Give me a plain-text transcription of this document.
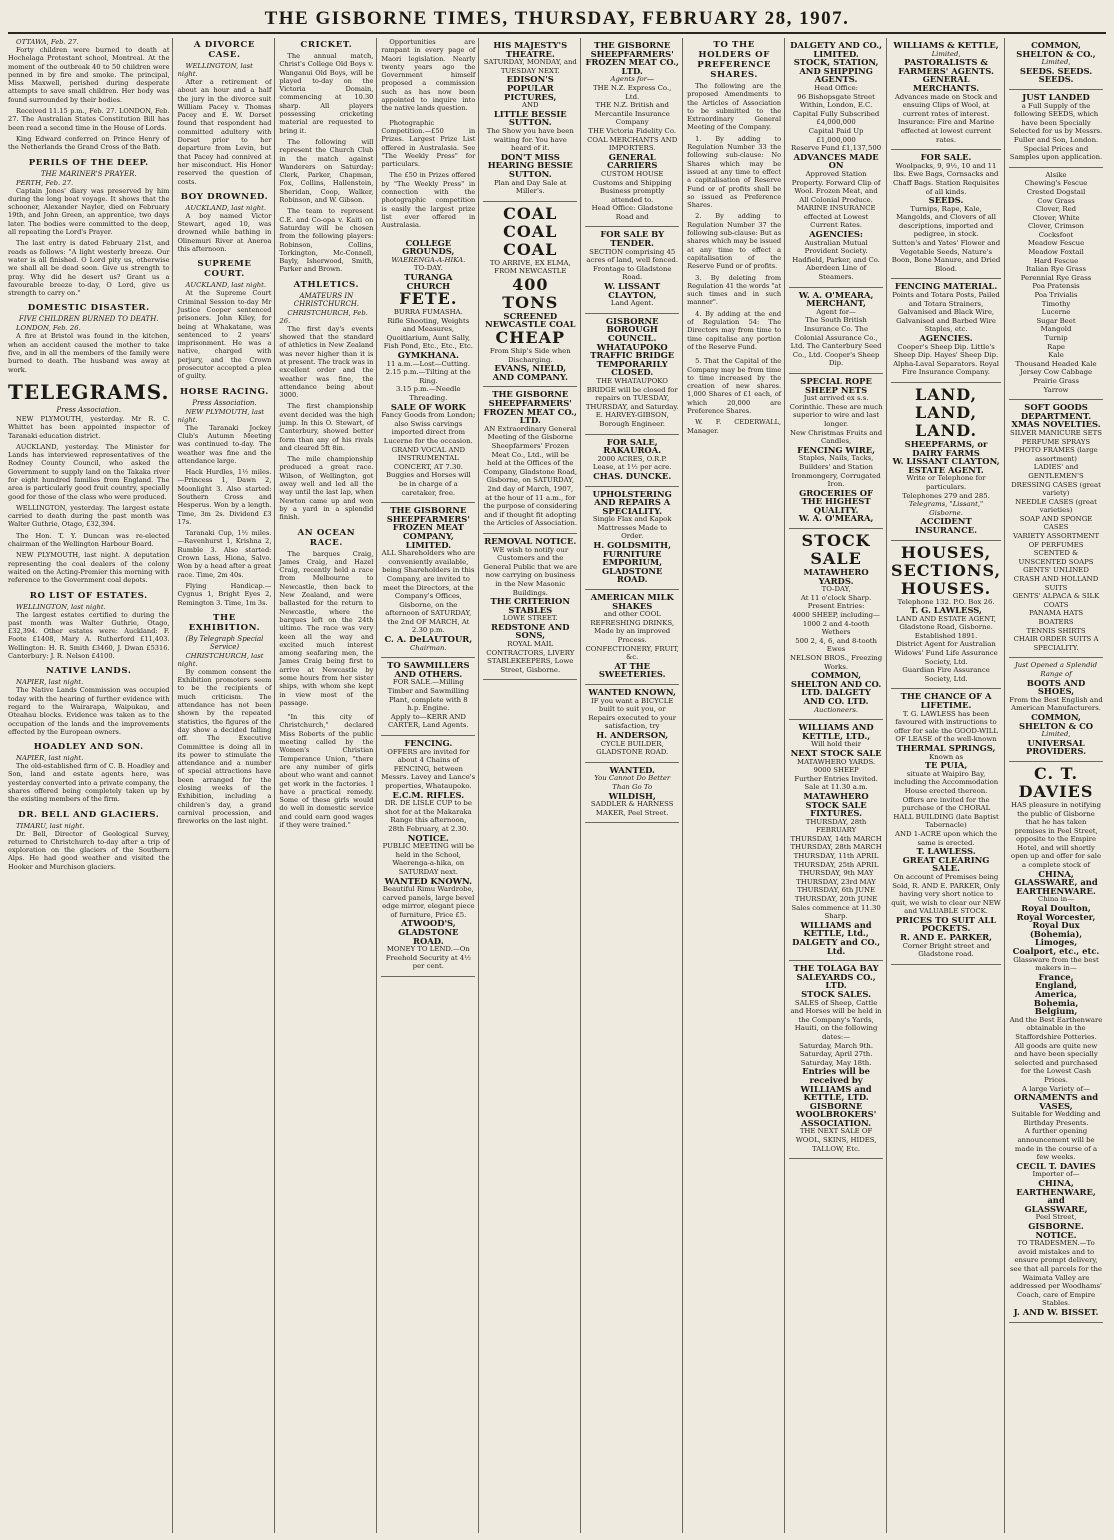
THE GISBORNE TIMES, THURSDAY, FEBRUARY 28, 1907.
OTTAWA, Feb. 27.

Forty children were burned to death at Hochelaga Protestant school, Montreal. At the moment of the outbreak 40 to 50 children were penned in by fire and smoke. The principal, Miss Maxwell, perished during desperate attempts to save small children. Her body was found surrounded by their bodies.

Received 11.15 p.m., Feb. 27. LONDON, Feb. 27. The Australian States Constitution Bill has been read a second time in the House of Lords.

King Edward conferred on Prince Henry of the Netherlands the Grand Cross of the Bath.

PERILS OF THE DEEP.
THE MARINER'S PRAYER.
PERTH, Feb. 27.

Captain Jones' diary was preserved by him during the long boat voyage. It shows that the schooner, Alexander Nayler, died on February 19th, and John Green, an apprentice, two days later. The bodies were committed to the deep, all repeating the Lord's Prayer.

The last entry is dated February 21st, and reads as follows: "A light westerly breeze. Our water is all finished. O Lord pity us, otherwise we shall all be dead soon. Give us strength to pray. Why did he desert us? Grant us a favourable breeze to-day, O Lord, give us strength to carry on."

DOMESTIC DISASTER.
FIVE CHILDREN BURNED TO DEATH.
LONDON, Feb. 26.

A fire at Bristol was found in the kitchen, when an accident caused the mother to take five, and in all the members of the family were burned to death. The husband was away at work.

TELEGRAMS.
Press Association.

NEW PLYMOUTH, yesterday. Mr R. C. Whittet has been appointed inspector of Taranaki education district.

AUCKLAND, yesterday. The Minister for Lands has interviewed representatives of the Rodney County Council, who asked the Government to supply land on the Takaka river for eight hundred families from England. The area is particularly good fruit country, specially good for those of the class who were produced.

WELLINGTON, yesterday. The largest estate carried to death during the past month was Walter Guthrie, Otago, £32,394.

The Hon. T. Y. Duncan was re-elected chairman of the Wellington Harbour Board.

NEW PLYMOUTH, last night. A deputation representing the coal dealers of the colony waited on the Acting-Premier this morning with reference to the Government coal depots.

RO LIST OF ESTATES.
WELLINGTON, last night.

The largest estates certified to during the past month was Walter Guthrie, Otago, £32,394. Other estates were: Auckland: F. Foote £1408, Mary A. Rutherford £11,403. Wellington: H. R. Smith £3460, J. Dwan £5316. Canterbury: J. R. Nelson £4100.

NATIVE LANDS.
NAPIER, last night.

The Native Lands Commission was occupied today with the hearing of further evidence with regard to the Wairarapa, Waipukau, and Oteahau blocks. Evidence was taken as to the occupation of the lands and the improvements effected by the European owners.

HOADLEY AND SON.
NAPIER, last night.

The old-established firm of C. B. Hoadley and Son, land and estate agents here, was yesterday converted into a private company, the shares offered being completely taken up by the existing members of the firm.

DR. BELL AND GLACIERS.
TIMARU, last night.

Dr. Bell, Director of Geological Survey, returned to Christchurch to-day after a trip of exploration on the glaciers of the Southern Alps. He had good weather and visited the Hooker and Murchison glaciers.

A DIVORCE CASE.
WELLINGTON, last night.

After a retirement of about an hour and a half the jury in the divorce suit William Pacey v. Thomas Pacey and E. W. Dorset found that respondent had committed adultery with Dorset prior to her departure from Levin, but that Pacey had connived at her misconduct. His Honor reserved the question of costs.

BOY DROWNED.
AUCKLAND, last night.

A boy named Victor Stewart, aged 10, was drowned while bathing in Olinemuri River at Aneroa this afternoon.

SUPREME COURT.
AUCKLAND, last night.

At the Supreme Court Criminal Session to-day Mr Justice Cooper sentenced prisoners. John Kiley, for being at Whakatane, was sentenced to 2 years' imprisonment. He was a native, charged with perjury, and the Crown prosecutor accepted a plea of guilty.

HORSE RACING.
Press Association.
NEW PLYMOUTH, last night.

The Taranaki Jockey Club's Autumn Meeting was continued to-day. The weather was fine and the attendance large.

Hack Hurdles, 1½ miles.—Princess 1, Dawn 2, Moonlight 3. Also started: Southern Cross and Hesperus. Won by a length. Time, 3m 2s. Dividend £3 17s.

Taranaki Cup, 1½ miles.—Ravenhurst 1, Krishna 2, Rumble 3. Also started: Crown Lass, Hiona, Salvo. Won by a head after a great race. Time, 2m 40s.

Flying Handicap.—Cygnus 1, Bright Eyes 2, Remington 3. Time, 1m 3s.

THE EXHIBITION.
(By Telegraph Special Service)
CHRISTCHURCH, last night.

By common consent the Exhibition promoters seem to be the recipients of much criticism. The attendance has not been shown by the repeated statistics, the figures of the day show a decided falling off. The Executive Committee is doing all in its power to stimulate the attendance and a number of special attractions have been arranged for the closing weeks of the Exhibition, including a children's day, a grand carnival procession, and fireworks on the last night.

CRICKET.

The annual match, Christ's College Old Boys v. Wanganui Old Boys, will be played to-day on the Victoria Domain, commencing at 10.30 sharp. All players possessing cricketing material are requested to bring it.

The following will represent the Church Club in the match against Wanderers on Saturday: Clerk, Parker, Chapman, Fox, Collins, Hallenstein, Sheridan, Coop, Walker, Robinson, and W. Gibson.

The team to represent C.E. and Co-opa v. Kaiti on Saturday will be chosen from the following players: Robinson, Collins, Torkington, Mc-Connell, Bayly, Isherwood, Smith, Parker and Brown.

ATHLETICS.
AMATEURS IN CHRISTCHURCH.
CHRISTCHURCH, Feb. 26.

The first day's events showed that the standard of athletics in New Zealand was never higher than it is at present. The track was in excellent order and the weather was fine, the attendance being about 3000.

The first championship event decided was the high jump. In this O. Stewart, of Canterbury, showed better form than any of his rivals and cleared 5ft 8in.

The mile championship produced a great race. Wilson, of Wellington, got away well and led all the way until the last lap, when Newton came up and won by a yard in a splendid finish.

AN OCEAN RACE.

The barques Craig, James Craig, and Hazel Craig, recently held a race from Melbourne to Newcastle, then back to New Zealand, and were ballasted for the return to Newcastle, where the barques left on the 24th ultimo. The race was very keen all the way and excited much interest among seafaring men, the James Craig being first to arrive at Newcastle by some hours from her sister ships, with whom she kept in view most of the passage.

"In this city of Christchurch," declared Miss Roberts of the public meeting called by the Women's Christian Temperance Union, "there are any number of girls about who want and cannot get work in the factories. I have a practical remedy. Some of these girls would do well in domestic service and could earn good wages if they were trained."

Opportunities are rampant in every page of Maori legislation. Nearly twenty years ago the Government himself proposed a commission such as has now been appointed to inquire into the native lands question.

Photographic Competition.—£50 in Prizes. Largest Prize List offered in Australasia. See "The Weekly Press" for particulars.

The £50 in Prizes offered by "The Weekly Press" in connection with the photographic competition is easily the largest prize list ever offered in Australasia.

COLLEGE GROUNDS,
WAERENGA-A-HIKA.
TO-DAY.
TURANGA CHURCH
FETE.
BURRA FUMASHA.
Rifle Shooting, Weights and Measures, Quoitlarium, Aunt Sally, Fish Pond, Etc., Etc., Etc.
GYMKHANA.
11 a.m.—Lost—Cutting.
2.15 p.m.—Tilting at the Ring.
3.15 p.m.—Needle Threading.
SALE OF WORK
Fancy Goods from London; also Swiss carvings imported direct from Lucerne for the occasion.
GRAND VOCAL AND INSTRUMENTAL CONCERT, AT 7.30.
Buggies and Horses will be in charge of a caretaker, free.
THE GISBORNE SHEEPFARMERS' FROZEN MEAT COMPANY, LIMITED.
ALL Shareholders who are conveniently available, being Shareholders in this Company, are invited to meet the Directors, at the Company's Offices, Gisborne, on the afternoon of SATURDAY, the 2nd OF MARCH, At 2.30 p.m.
C. A. DeLAUTOUR,
Chairman.
TO SAWMILLERS AND OTHERS.
FOR SALE.—Milling Timber and Sawmilling Plant, complete with 8 h.p. Engine.
Apply to—KERR AND CARTER, Land Agents.
FENCING.
OFFERS are invited for about 4 Chains of FENCING, between Messrs. Lavey and Lance's properties, Whataupoko.
E.C.M. RIFLES.
DR. DE LISLE CUP to be shot for at the Makaraka Range this afternoon, 28th February, at 2.30.
NOTICE.
PUBLIC MEETING will be held in the School, Waerenga-a-hika, on SATURDAY next.
WANTED KNOWN.
Beautiful Rimu Wardrobe, carved panels, large bevel edge mirror, elegant piece of furniture, Price £5.
ATWOOD'S, GLADSTONE ROAD.
MONEY TO LEND.—On Freehold Security at 4½ per cent.
HIS MAJESTY'S THEATRE.
SATURDAY, MONDAY, and TUESDAY NEXT.
EDISON'S POPULAR PICTURES,
AND
LITTLE BESSIE SUTTON.
The Show you have been waiting for. You have heard of it.
DON'T MISS HEARING BESSIE SUTTON.
Plan and Day Sale at Miller's.
COAL
COAL
COAL
TO ARRIVE, EX ELMA, FROM NEWCASTLE
400 TONS
SCREENED NEWCASTLE COAL
CHEAP
From Ship's Side when Discharging.
EVANS, NIELD, AND COMPANY.
THE GISBORNE SHEEPFARMERS' FROZEN MEAT CO., LTD.
AN Extraordinary General Meeting of the Gisborne Sheepfarmers' Frozen Meat Co., Ltd., will be held at the Offices of the Company, Gladstone Road, Gisborne, on SATURDAY, 2nd day of March, 1907, at the hour of 11 a.m., for the purpose of considering and if thought fit adopting the Articles of Association.
REMOVAL NOTICE.
WE wish to notify our Customers and the General Public that we are now carrying on business in the New Masonic Buildings.
THE CRITERION STABLES
LOWE STREET.
REDSTONE AND SONS,
ROYAL MAIL CONTRACTORS, LIVERY STABLEKEEPERS, Lowe Street, Gisborne.
THE GISBORNE SHEEPFARMERS' FROZEN MEAT CO., LTD.
Agents for—
THE N.Z. Express Co., Ltd.
THE N.Z. British and Mercantile Insurance Company
THE Victoria Fidelity Co.
COAL MERCHANTS AND IMPORTERS.
GENERAL CARRIERS
CUSTOM HOUSE Customs and Shipping Business promptly attended to.
Head Office: Gladstone Road and
FOR SALE BY TENDER.
SECTION comprising 45 acres of land, well fenced. Frontage to Gladstone Road.
W. LISSANT CLAYTON,
Land Agent.
GISBORNE BOROUGH COUNCIL.
WHATAUPOKO TRAFFIC BRIDGE
TEMPORARILY CLOSED.
THE WHATAUPOKO BRIDGE will be closed for repairs on TUESDAY, THURSDAY, and Saturday.
E. HARVEY-GIBSON, Borough Engineer.
FOR SALE, RAKAUROA.
2000 ACRES, O.R.P. Lease, at 1½ per acre.
CHAS. DUNCKE.
UPHOLSTERING AND REPAIRS A SPECIALITY.
Single Flax and Kapok Mattresses Made to Order.
H. GOLDSMITH, FURNITURE EMPORIUM, GLADSTONE ROAD.
AMERICAN MILK SHAKES
and other COOL REFRESHING DRINKS, Made by an improved Process.
CONFECTIONERY, FRUIT, &c.
AT THE SWEETERIES.
WANTED KNOWN,
IF you want a BICYCLE built to suit you, or Repairs executed to your satisfaction, try
H. ANDERSON,
CYCLE BUILDER, GLADSTONE ROAD.
WANTED.
You Cannot Do Better Than Go To
WILDISH,
SADDLER & HARNESS MAKER, Peel Street.
TO THE HOLDERS OF PREFERENCE SHARES.

The following are the proposed Amendments to the Articles of Association to be submitted to the Extraordinary General Meeting of the Company.

1. By adding to Regulation Number 33 the following sub-clause: No Shares which may be issued at any time to effect a capitalisation of Reserve Fund or of profits shall be so issued as Preference Shares.

2. By adding to Regulation Number 37 the following sub-clause: But as shares which may be issued at any time to effect a capitalisation of the Reserve Fund or of profits.

3. By deleting from Regulation 41 the words "at such times and in such manner".

4. By adding at the end of Regulation 54: The Directors may from time to time capitalise any portion of the Reserve Fund.

5. That the Capital of the Company may be from time to time increased by the creation of new shares. 1,000 Shares of £1 each, of which 20,000 are Preference Shares.

W. F. CEDERWALL, Manager.

DALGETY AND CO., LIMITED.
STOCK, STATION, AND SHIPPING AGENTS.
Head Office:
96 Bishopsgate Street Within, London, E.C.
Capital Fully Subscribed £4,000,000
Capital Paid Up £1,000,000
Reserve Fund £1,137,500
ADVANCES MADE ON
Approved Station Property. Forward Clip of Wool. Frozen Meat, and All Colonial Produce.
MARINE INSURANCE effected at Lowest Current Rates.
AGENCIES:
Australian Mutual Provident Society. Hadfield, Parker, and Co. Aberdeen Line of Steamers.
W. A. O'MEARA,
MERCHANT,
Agent for—
The South British Insurance Co. The Colonial Assurance Co., Ltd. The Canterbury Seed Co., Ltd. Cooper's Sheep Dip.
SPECIAL ROPE SHEEP NETS
Just arrived ex s.s. Corinthic. These are much superior to wire and last longer.
New Christmas Fruits and Candles,
FENCING WIRE,
Staples, Nails, Tacks, Builders' and Station Ironmongery, Corrugated Iron.
GROCERIES OF THE HIGHEST QUALITY.
W. A. O'MEARA,
STOCK SALE
MATAWHERO YARDS.
TO-DAY,
At 11 o'clock Sharp.
Present Entries:
4000 SHEEP, including—
1000 2 and 4-tooth Wethers
500 2, 4, 6, and 8-tooth Ewes
NELSON BROS., Freezing Works.
COMMON, SHELTON AND CO. LTD. DALGETY AND CO. LTD.
Auctioneers.
WILLIAMS AND KETTLE, LTD.,
Will hold their
NEXT STOCK SALE
MATAWHERO YARDS.
9000 SHEEP
Further Entries Invited.
Sale at 11.30 a.m.
MATAWHERO STOCK SALE FIXTURES.
THURSDAY, 28th FEBRUARY
THURSDAY, 14th MARCH
THURSDAY, 28th MARCH
THURSDAY, 11th APRIL
THURSDAY, 25th APRIL
THURSDAY, 9th MAY
THURSDAY, 23rd MAY
THURSDAY, 6th JUNE
THURSDAY, 20th JUNE
Sales commence at 11.30 Sharp.
WILLIAMS and KETTLE, Ltd., DALGETY and CO., Ltd.
THE TOLAGA BAY SALEYARDS CO., LTD.
STOCK SALES.
SALES of Sheep, Cattle and Horses will be held in the Company's Yards, Hauiti, on the following dates:—
Saturday, March 9th.
Saturday, April 27th.
Saturday, May 18th.
Entries will be received by WILLIAMS and KETTLE, LTD.
GISBORNE WOOLBROKERS' ASSOCIATION.
THE NEXT SALE OF WOOL, SKINS, HIDES, TALLOW, Etc.
WILLIAMS & KETTLE,
Limited,
PASTORALISTS & FARMERS' AGENTS.
GENERAL MERCHANTS.
Advances made on Stock and ensuing Clips of Wool, at current rates of interest.
Insurance: Fire and Marine effected at lowest current rates.
FOR SALE.
Woolpacks, 9, 9½, 10 and 11 lbs. Ewe Bags, Cornsacks and Chaff Bags. Station Requisites of all kinds.
SEEDS.
Turnips, Rape, Kale, Mangolds, and Clovers of all descriptions, imported and pedigree, in stock.
Sutton's and Yates' Flower and Vegetable Seeds, Nature's Boon, Bone Manure, and Dried Blood.
FENCING MATERIAL.
Points and Totara Posts, Pailed and Totara Strainers, Galvanised and Black Wire, Galvanised and Barbed Wire Staples, etc.
AGENCIES.
Cooper's Sheep Dip. Little's Sheep Dip. Hayes' Sheep Dip. Alpha-Laval Separators. Royal Fire Insurance Company.
LAND, LAND,
LAND.
SHEEPFARMS, or DAIRY FARMS
W. LISSANT CLAYTON,
ESTATE AGENT.
Write or Telephone for particulars.
Telephones 279 and 285.
Telegrams, "Lissant," Gisborne.
ACCIDENT INSURANCE.
HOUSES,
SECTIONS,
HOUSES.
Telephone 132. P.O. Box 26.
T. G. LAWLESS,
LAND AND ESTATE AGENT, Gladstone Road, Gisborne. Established 1891.
District Agent for Australian Widows' Fund Life Assurance Society, Ltd.
Guardian Fire Assurance Society, Ltd.
THE CHANCE OF A LIFETIME.
T. G. LAWLESS has been favoured with instructions to offer for sale the GOOD-WILL OF LEASE of the well-known
THERMAL SPRINGS,
Known as
TE PUIA,
situate at Waipiro Bay, including the Accommodation House erected thereon.
Offers are invited for the purchase of the CHORAL HALL BUILDING (late Baptist Tabernacle)
AND 1-ACRE upon which the same is erected.
T. LAWLESS.
GREAT CLEARING SALE.
On account of Premises being Sold, R. AND E. PARKER, Only having very short notice to quit, we wish to clear our NEW and VALUABLE STOCK.
PRICES TO SUIT ALL POCKETS.
R. AND E. PARKER,
Corner Bright street and Gladstone road.
COMMON, SHELTON & CO.,
Limited,
SEEDS. SEEDS. SEEDS.
JUST LANDED
a Full Supply of the following SEEDS, which have been Specially Selected for us by Messrs. Fuller and Son, London.
Special Prices and Samples upon application.
Alsike
Chewing's Fescue
Crested Dogstail
Cow Grass
Clover, Red
Clover, White
Clover, Crimson
Cocksfoot
Meadow Fescue
Meadow Foxtail
Hard Fescue
Italian Rye Grass
Perennial Rye Grass
Poa Pratensis
Poa Trivialis
Timothy
Lucerne
Sugar Beet
Mangold
Turnip
Rape
Kale
Thousand Headed Kale
Jersey Cow Cabbage
Prairie Grass
Yarrow
SOFT GOODS DEPARTMENT.
XMAS NOVELTIES.
SILVER MANICURE SETS
PERFUME SPRAYS
PHOTO FRAMES (large assortment)
LADIES' and GENTLEMEN'S DRESSING CASES (great variety)
NEEDLE CASES (great varieties)
SOAP AND SPONGE CASES
VARIETY ASSORTMENT OF PERFUMES
SCENTED & UNSCENTED SOAPS
GENTS' UNLINED CRASH AND HOLLAND SUITS
GENTS' ALPACA & SILK COATS
PANAMA HATS
BOATERS
TENNIS SHIRTS
CHAIR ORDER SUITS A SPECIALITY.
Just Opened a Splendid Range of
BOOTS AND SHOES,
From the Best English and American Manufacturers.
COMMON, SHELTON & CO
Limited,
UNIVERSAL PROVIDERS.
C. T. DAVIES
HAS pleasure in notifying the public of Gisborne that he has taken premises in Peel Street, opposite to the Empire Hotel, and will shortly open up and offer for sale a complete stock of
CHINA,
GLASSWARE, and
EARTHENWARE.
China in—
Royal Doulton,
Royal Worcester,
Royal Dux (Bohemia),
Limoges,
Coalport, etc., etc.
Glassware from the best makers in—
France,
England,
America,
Bohemia,
Belgium,
And the Best Earthenware obtainable in the Staffordshire Potteries.
All goods are quite new and have been specially selected and purchased for the Lowest Cash Prices.
A large Variety of—
ORNAMENTS and VASES,
Suitable for Wedding and Birthday Presents.
A further opening announcement will be made in the course of a few weeks.
CECIL T. DAVIES
Importer of—
CHINA,
EARTHENWARE, and
GLASSWARE,
Peel Street,
GISBORNE.
NOTICE.
TO TRADESMEN.—To avoid mistakes and to ensure prompt delivery, see that all parcels for the Waimata Valley are addressed per Woodhams' Coach, care of Empire Stables.
J. AND W. BISSET.
